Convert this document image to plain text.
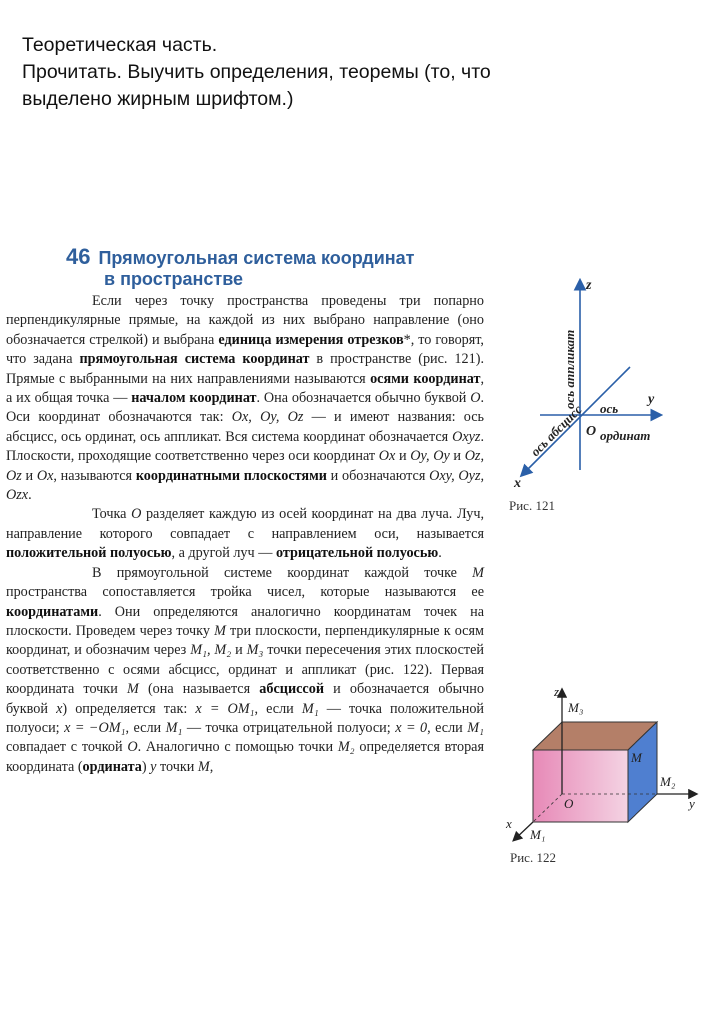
Теоретическая часть.
Прочитать. Выучить определения, теоремы (то, что
выделено жирным шрифтом.)
46 Прямоугольная система координат
в пространстве

Если через точку пространства проведены три попарно перпендикулярные прямые, на каждой из них выбрано направление (оно обозначается стрелкой) и выбрана единица измерения отрезков*, то говорят, что задана прямоугольная система координат в пространстве (рис. 121). Прямые с выбранными на них направлениями называются осями координат, а их общая точка — началом координат. Она обозначается обычно буквой O. Оси координат обозначаются так: Ox, Oy, Oz — и имеют названия: ось абсцисс, ось ординат, ось аппликат. Вся система координат обозначается Oxyz. Плоскости, проходящие соответственно через оси координат Ox и Oy, Oy и Oz, Oz и Ox, называются координатными плоскостями и обозначаются Oxy, Oyz, Ozx.

Точка O разделяет каждую из осей координат на два луча. Луч, направление которого совпадает с направлением оси, называется положительной полуосью, а другой луч — отрицательной полуосью.

В прямоугольной системе координат каждой точке M пространства сопоставляется тройка чисел, которые называются ее координатами. Они определяются аналогично координатам точек на плоскости. Проведем через точку M три плоскости, перпендикулярные к осям координат, и обозначим через M₁, M₂ и M₃ точки пересечения этих плоскостей соответственно с осями абсцисс, ординат и аппликат (рис. 122). Первая координата точки M (она называется абсциссой и обозначается обычно буквой x) определяется так: x = OM₁, если M₁ — точка положительной полуоси; x = −OM₁, если M₁ — точка отрицательной полуоси; x = 0, если M₁ совпадает с точкой O. Аналогично с помощью точки M₂ определяется вторая координата (ордината) y точки M,

z
y
x
O
ось аппликат
ось абсцисс ось
ординат
Рис. 121
z
M₃
M
M₂
y
O
x
M₁
Рис. 122
